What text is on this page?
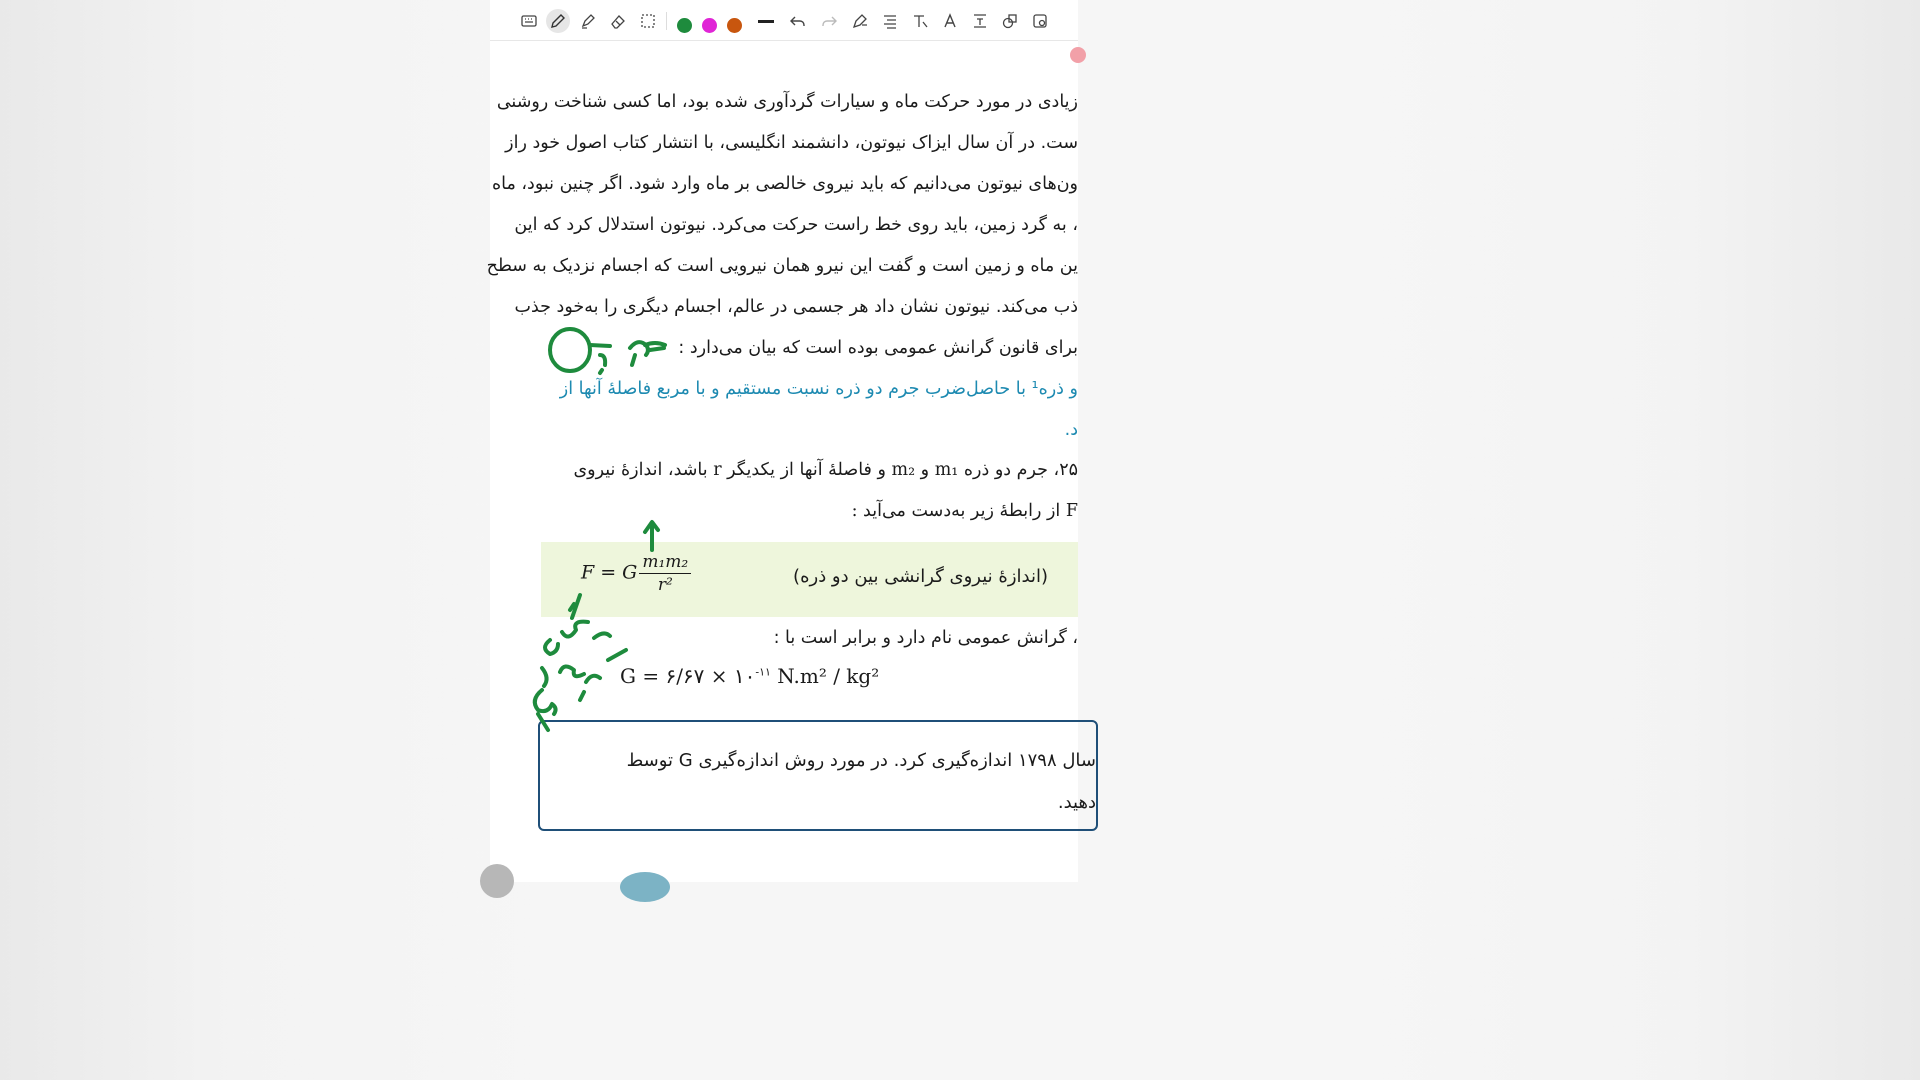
زیادی در مورد حرکت ماه و سیارات گردآوری شده بود، اما کسی شناخت روشنی
ست. در آن سال ایزاک نیوتون، دانشمند انگلیسی، با انتشار کتاب اصول خود راز
ون‌های نیوتون می‌دانیم که باید نیروی خالصی بر ماه وارد شود. اگر چنین نبود، ماه
، به گرد زمین، باید روی خط راست حرکت می‌کرد. نیوتون استدلال کرد که این
ین ماه و زمین است و گفت این نیرو همان نیرویی است که اجسام نزدیک به سطح
ذب می‌کند. نیوتون نشان داد هر جسمی در عالم، اجسام دیگری را به‌خود جذب
برای قانون گرانش عمومی بوده است که بیان می‌دارد :
و ذره¹ با حاصل‌ضرب جرم دو ذره نسبت مستقیم و با مربع فاصلهٔ آنها از
د.
۲۵، جرم دو ذره m₁ و m₂ و فاصلهٔ آنها از یکدیگر r باشد، اندازهٔ نیروی
F از رابطهٔ زیر به‌دست می‌آید :
F = G $\frac{\text{m₁m₂}}{\text{r²}}$	(اندازهٔ نیروی گرانشی بین دو ذره)
، گرانش عمومی نام دارد و برابر است با :
G = ۶/۶۷ × $۱۰^{-۱۱}$ N.m² / kg²
سال ۱۷۹۸ اندازه‌گیری کرد. در مورد روش اندازه‌گیری G توسط
دهید.
